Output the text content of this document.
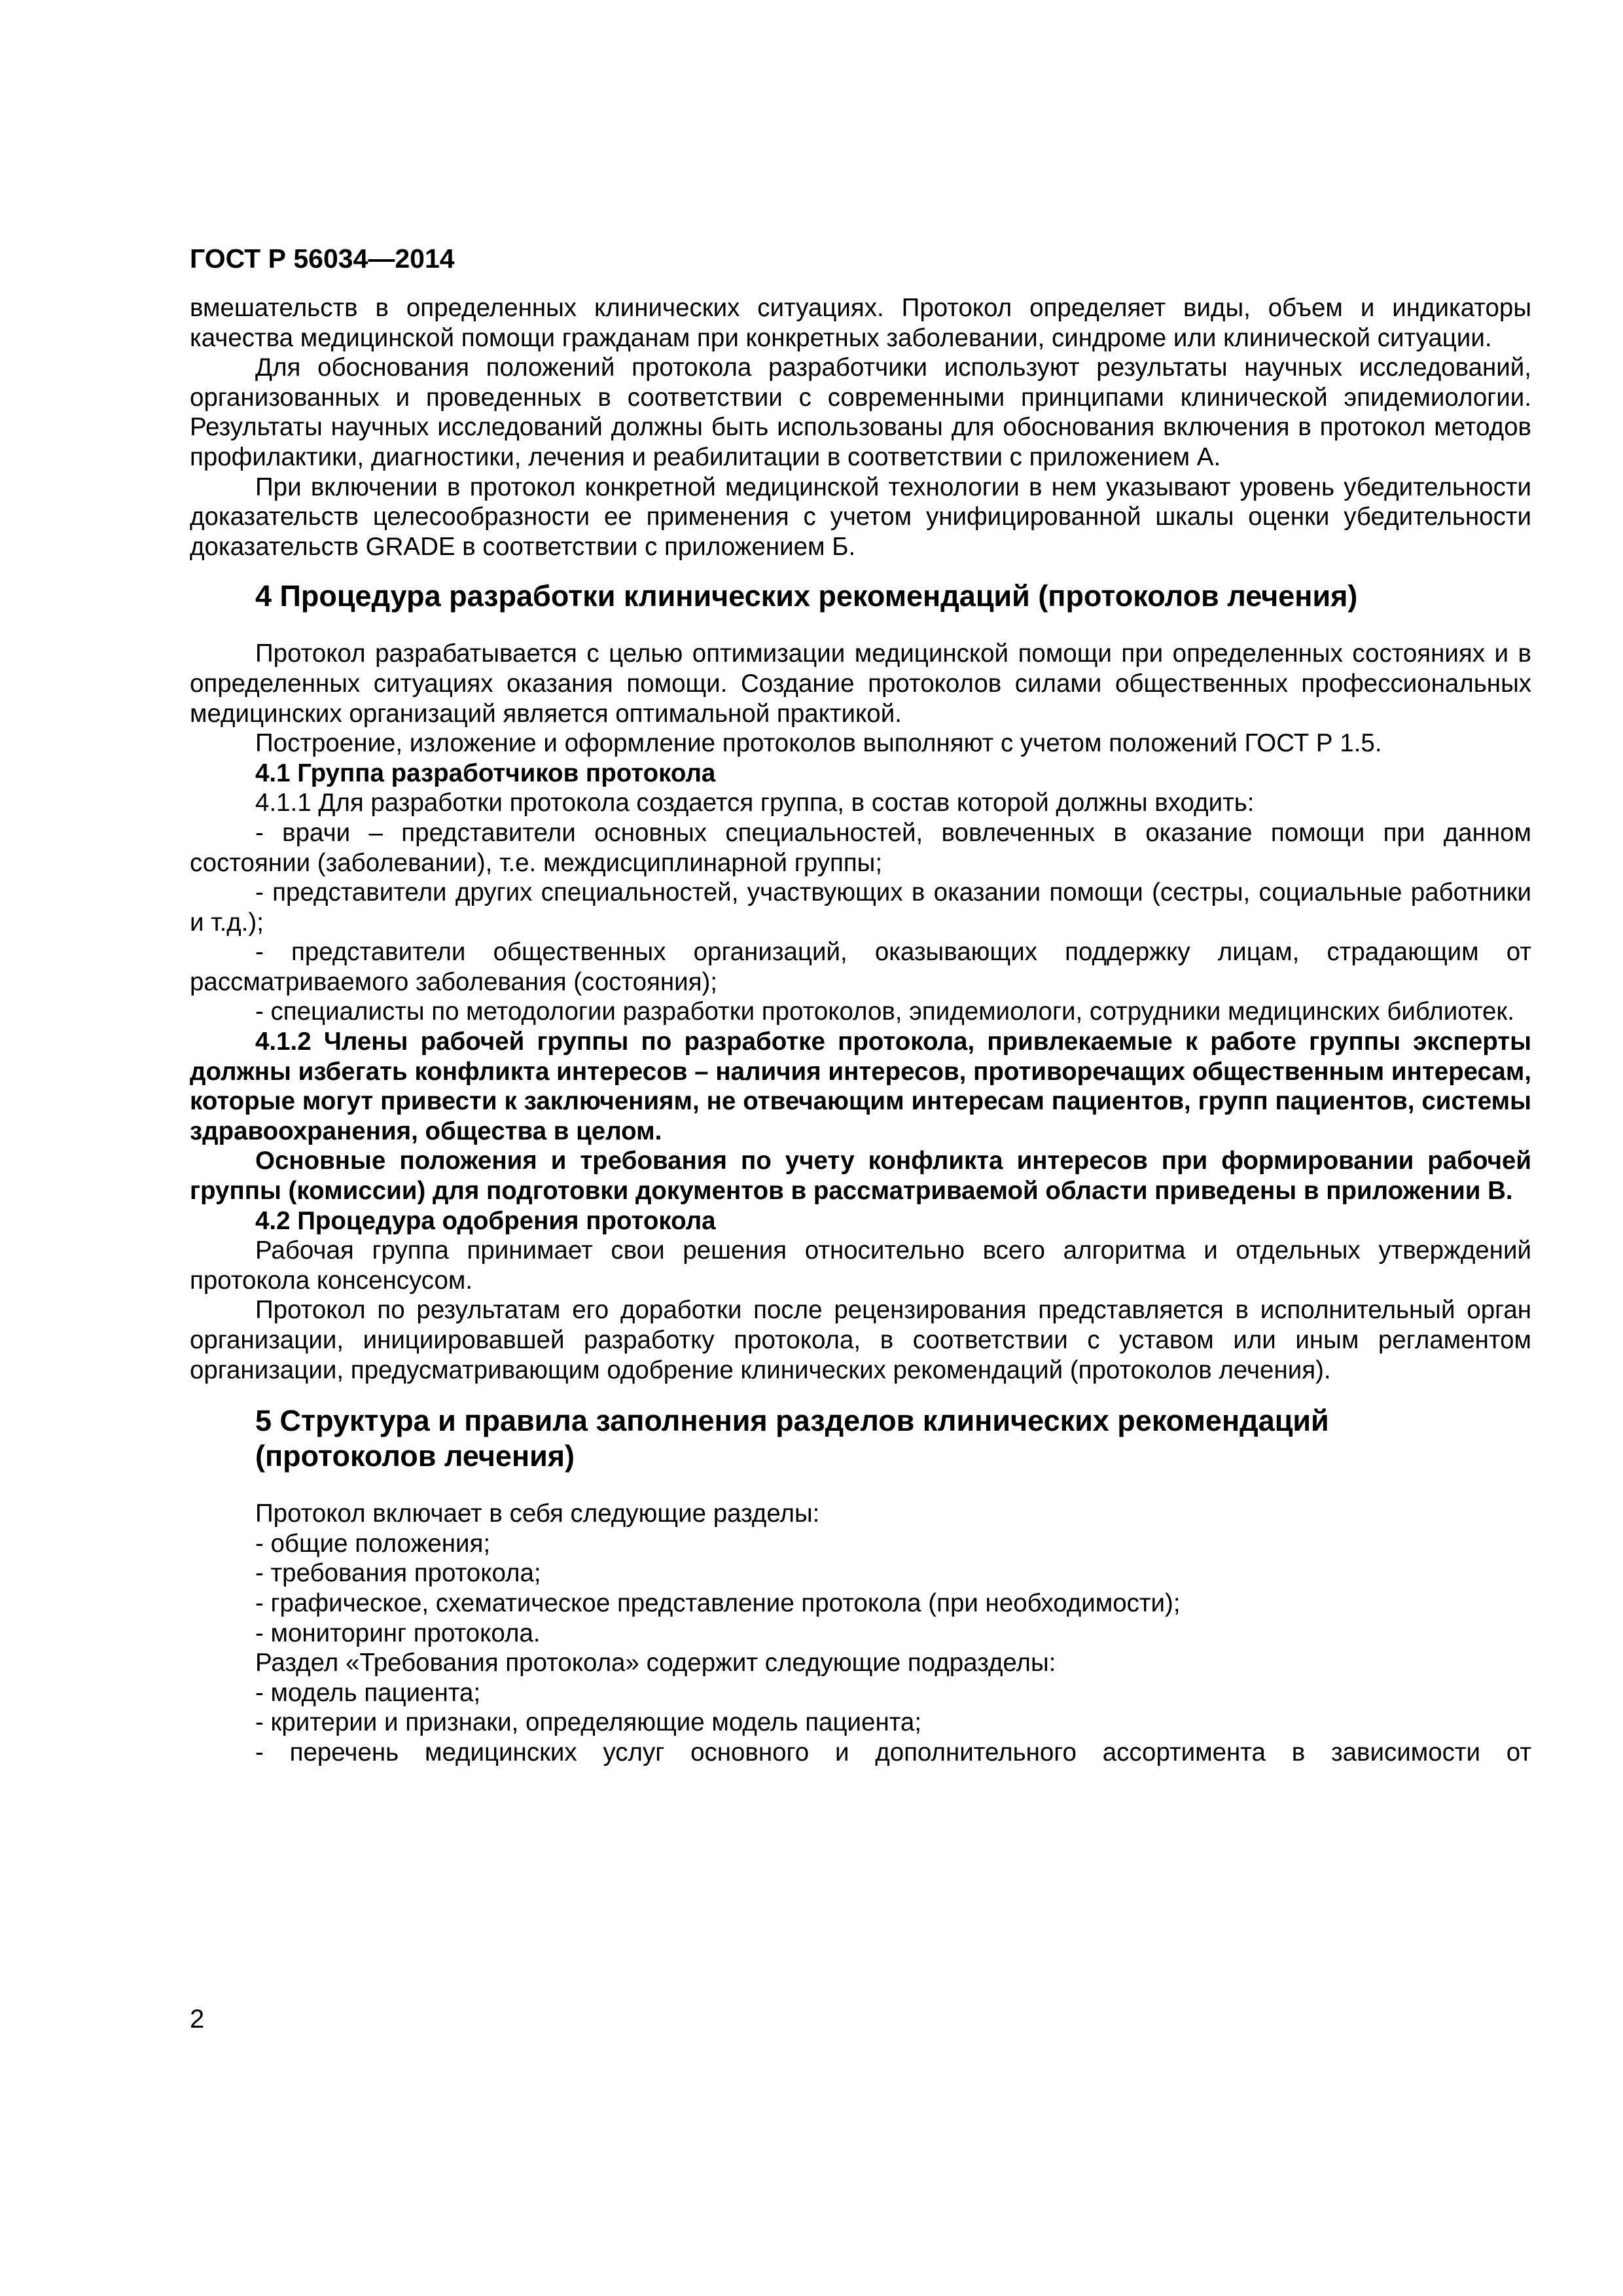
ГОСТ Р 56034—2014

вмешательств в определенных клинических ситуациях. Протокол определяет виды, объем и индикаторы качества медицинской помощи гражданам при конкретных заболевании, синдроме или клинической ситуации.

Для обоснования положений протокола разработчики используют результаты научных исследований, организованных и проведенных в соответствии с современными принципами клинической эпидемиологии. Результаты научных исследований должны быть использованы для обоснования включения в протокол методов профилактики, диагностики, лечения и реабилитации в соответствии с приложением А.

При включении в протокол конкретной медицинской технологии в нем указывают уровень убедительности доказательств целесообразности ее применения с учетом унифицированной шкалы оценки убедительности доказательств GRADE в соответствии с приложением Б.

4 Процедура разработки клинических рекомендаций (протоколов лечения)

Протокол разрабатывается с целью оптимизации медицинской помощи при определенных состояниях и в определенных ситуациях оказания помощи. Создание протоколов силами общественных профессиональных медицинских организаций является оптимальной практикой.

Построение, изложение и оформление протоколов выполняют с учетом положений ГОСТ Р 1.5.

4.1 Группа разработчиков протокола

4.1.1 Для разработки протокола создается группа, в состав которой должны входить:

- врачи – представители основных специальностей, вовлеченных в оказание помощи при данном состоянии (заболевании), т.е. междисциплинарной группы;

- представители других специальностей, участвующих в оказании помощи (сестры, социальные работники и т.д.);

- представители общественных организаций, оказывающих поддержку лицам, страдающим от рассматриваемого заболевания (состояния);

- специалисты по методологии разработки протоколов, эпидемиологи, сотрудники медицинских библиотек.

4.1.2 Члены рабочей группы по разработке протокола, привлекаемые к работе группы эксперты должны избегать конфликта интересов – наличия интересов, противоречащих общественным интересам, которые могут привести к заключениям, не отвечающим интересам пациентов, групп пациентов, системы здравоохранения, общества в целом.

Основные положения и требования по учету конфликта интересов при формировании рабочей группы (комиссии) для подготовки документов в рассматриваемой области приведены в приложении В.

4.2 Процедура одобрения протокола

Рабочая группа принимает свои решения относительно всего алгоритма и отдельных утверждений протокола консенсусом.

Протокол по результатам его доработки после рецензирования представляется в исполнительный орган организации, инициировавшей разработку протокола, в соответствии с уставом или иным регламентом организации, предусматривающим одобрение клинических рекомендаций (протоколов лечения).

5 Структура и правила заполнения разделов клинических рекомендаций
(протоколов лечения)

Протокол включает в себя следующие разделы:

- общие положения;

- требования протокола;

- графическое, схематическое представление протокола (при необходимости);

- мониторинг протокола.

Раздел «Требования протокола» содержит следующие подразделы:

- модель пациента;

- критерии и признаки, определяющие модель пациента;

- перечень медицинских услуг основного и дополнительного ассортимента в зависимости от

2
